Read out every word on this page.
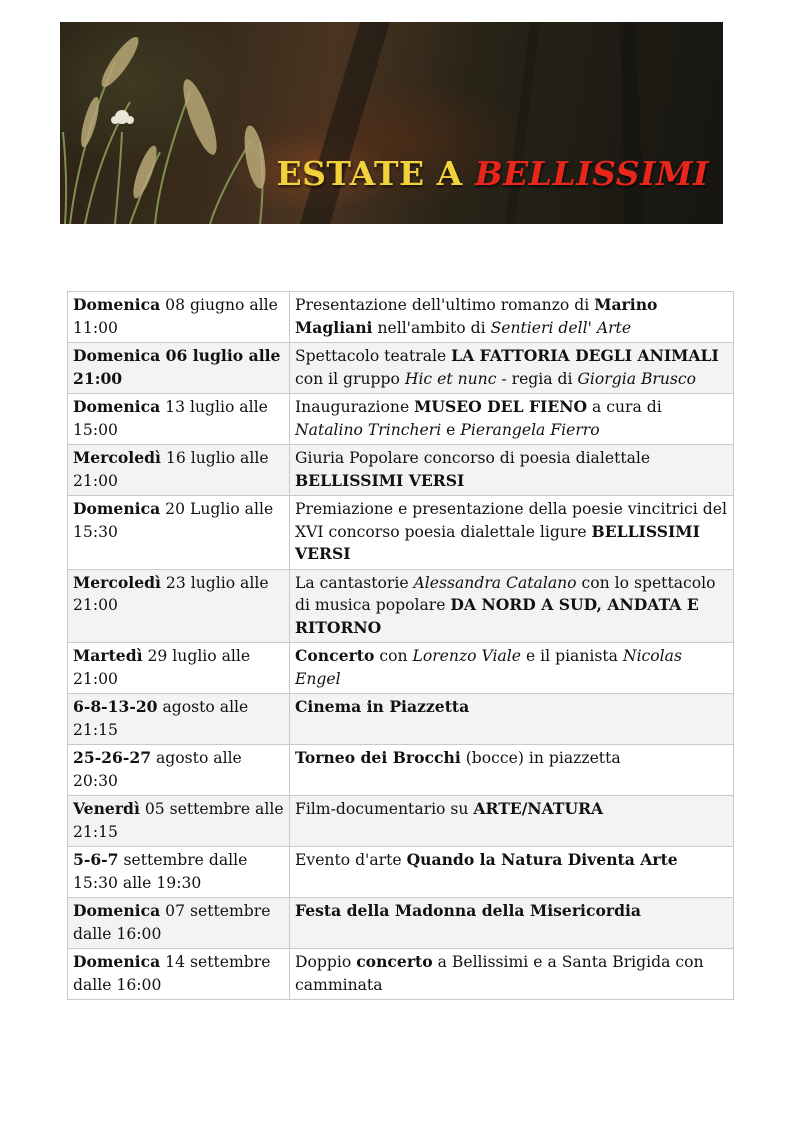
ESTATE A BELLISSIMI
Domenica 08 giugno alle 11:00	Presentazione dell'ultimo romanzo di Marino Magliani nell'ambito di Sentieri dell' Arte
Domenica 06 luglio alle 21:00	Spettacolo teatrale LA FATTORIA DEGLI ANIMALI con il gruppo Hic et nunc - regia di Giorgia Brusco
Domenica 13 luglio alle 15:00	Inaugurazione MUSEO DEL FIENO a cura di Natalino Trincheri e Pierangela Fierro
Mercoledì 16 luglio alle 21:00	Giuria Popolare concorso di poesia dialettale BELLISSIMI VERSI
Domenica 20 Luglio alle 15:30	Premiazione e presentazione della poesie vincitrici del XVI concorso poesia dialettale ligure BELLISSIMI VERSI
Mercoledì 23 luglio alle 21:00	La cantastorie Alessandra Catalano con lo spettacolo di musica popolare DA NORD A SUD, ANDATA E RITORNO
Martedì 29 luglio alle 21:00	Concerto con Lorenzo Viale e il pianista Nicolas Engel
6-8-13-20 agosto alle 21:15	Cinema in Piazzetta
25-26-27 agosto alle 20:30	Torneo dei Brocchi (bocce) in piazzetta
Venerdì 05 settembre alle 21:15	Film-documentario su ARTE/NATURA
5-6-7 settembre dalle 15:30 alle 19:30	Evento d'arte Quando la Natura Diventa Arte
Domenica 07 settembre dalle 16:00	Festa della Madonna della Misericordia
Domenica 14 settembre dalle 16:00	Doppio concerto a Bellissimi e a Santa Brigida con camminata
